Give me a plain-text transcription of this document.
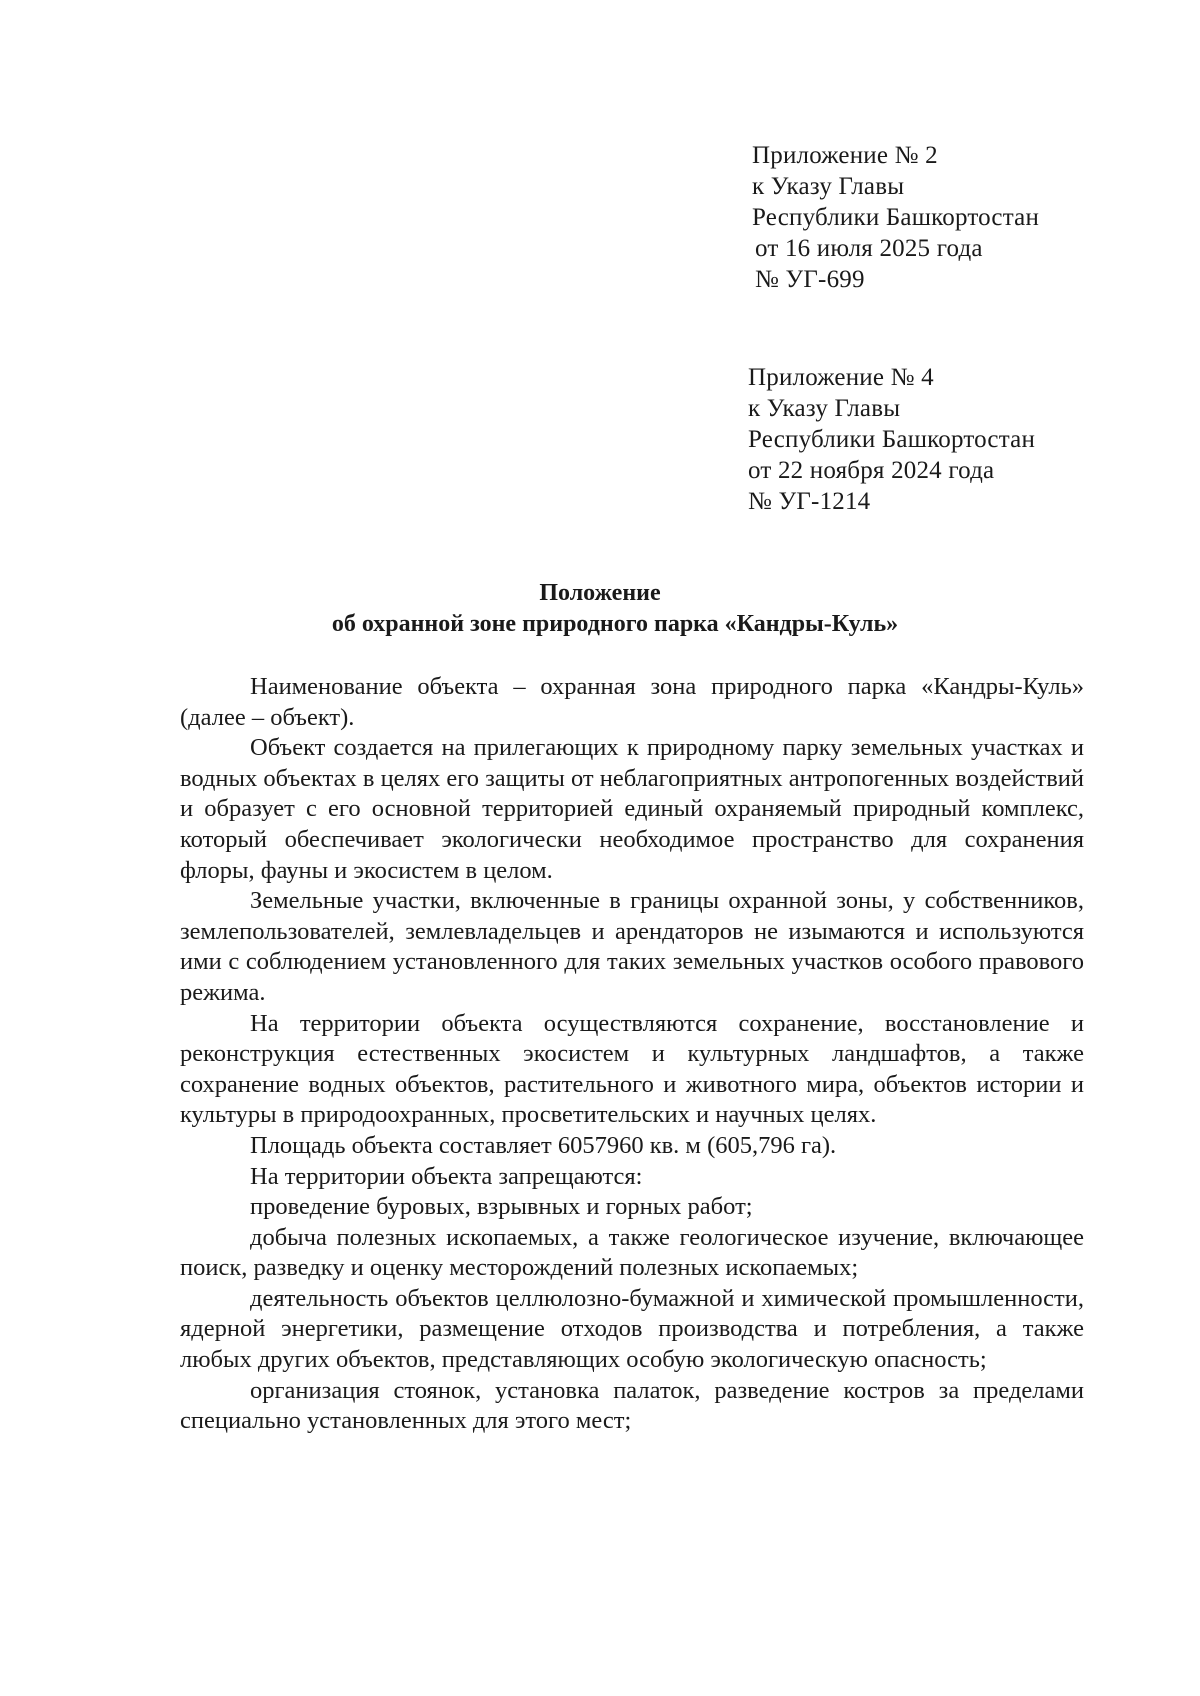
Приложение № 2
к Указу Главы
Республики Башкортостан
от 16 июля 2025 года
№ УГ-699
Приложение № 4
к Указу Главы
Республики Башкортостан
от 22 ноября 2024 года
№ УГ-1214
Положение
об охранной зоне природного парка «Кандры-Куль»

Наименование объекта – охранная зона природного парка «Кандры-Куль» (далее – объект).

Объект создается на прилегающих к природному парку земельных участках и водных объектах в целях его защиты от неблагоприятных антропогенных воздействий и образует с его основной территорией единый охраняемый природный комплекс, который обеспечивает экологически необходимое пространство для сохранения флоры, фауны и экосистем в целом.

Земельные участки, включенные в границы охранной зоны, у собственников, землепользователей, землевладельцев и арендаторов не изымаются и используются ими с соблюдением установленного для таких земельных участков особого правового режима.

На территории объекта осуществляются сохранение, восстановление и реконструкция естественных экосистем и культурных ландшафтов, а также сохранение водных объектов, растительного и животного мира, объектов истории и культуры в природоохранных, просветительских и научных целях.

Площадь объекта составляет 6057960 кв. м (605,796 га).

На территории объекта запрещаются:

проведение буровых, взрывных и горных работ;

добыча полезных ископаемых, а также геологическое изучение, включающее поиск, разведку и оценку месторождений полезных ископаемых;

деятельность объектов целлюлозно-бумажной и химической промышленности, ядерной энергетики, размещение отходов производства и потребления, а также любых других объектов, представляющих особую экологическую опасность;

организация стоянок, установка палаток, разведение костров за пределами специально установленных для этого мест;
